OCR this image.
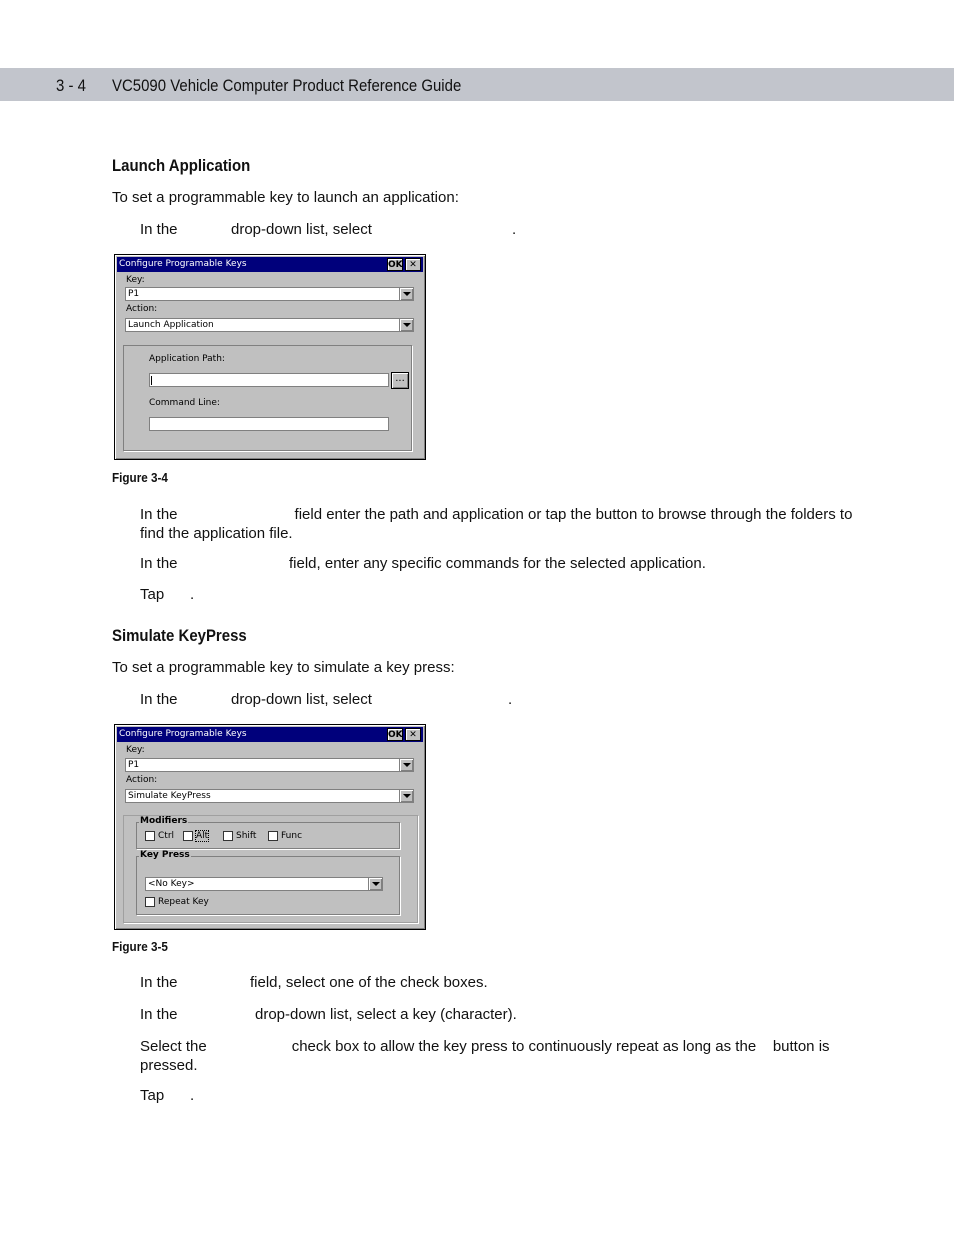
3 - 4 VC5090 Vehicle Computer Product Reference Guide
Launch Application
To set a programmable key to launch an application:
In the	drop-down list, select	.
Configure Programable Keys	OK ✕
Key:
P1
Action:
Launch Application
Application Path:
...
Command Line:
Figure 3-4
In the	field enter the path and application or tap the button to browse through the folders to find the application file.
In the	field, enter any specific commands for the selected application.
Tap .
Simulate KeyPress
To set a programmable key to simulate a key press:
In the	drop-down list, select	.
Configure Programable Keys	OK ✕
Key:
P1
Action:
Simulate KeyPress
Modifiers
Ctrl Alt	Shift	Func
Key Press
<No Key>
Repeat Key
Figure 3-5
In the	field, select one of the check boxes.
In the	drop-down list, select a key (character).
Select the	check box to allow the key press to continuously repeat as long as the    button is pressed.
Tap .
